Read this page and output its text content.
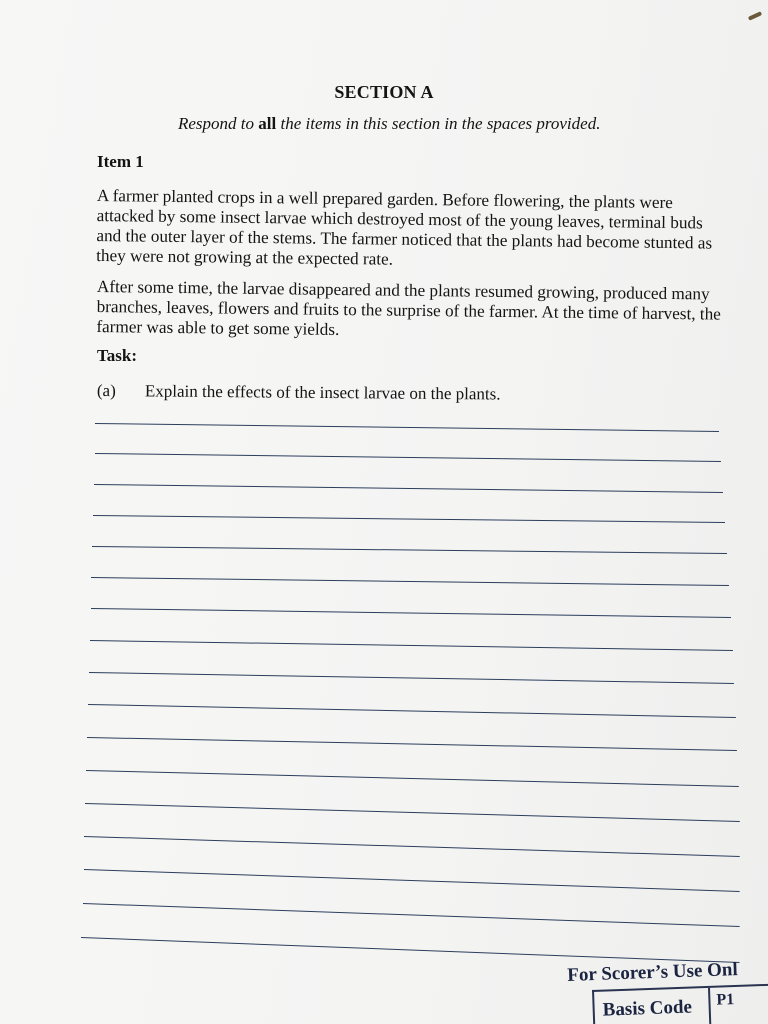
SECTION A
Respond to all the items in this section in the spaces provided.
Item 1

A farmer planted crops in a well prepared garden. Before flowering, the plants were attacked by some insect larvae which destroyed most of the young leaves, terminal buds and the outer layer of the stems. The farmer noticed that the plants had become stunted as they were not growing at the expected rate.

After some time, the larvae disappeared and the plants resumed growing, produced many branches, leaves, flowers and fruits to the surprise of the farmer. At the time of harvest, the farmer was able to get some yields.

Task:
(a) Explain the effects of the insect larvae on the plants.
For Scorer’s Use Onl
Basis Code P1
